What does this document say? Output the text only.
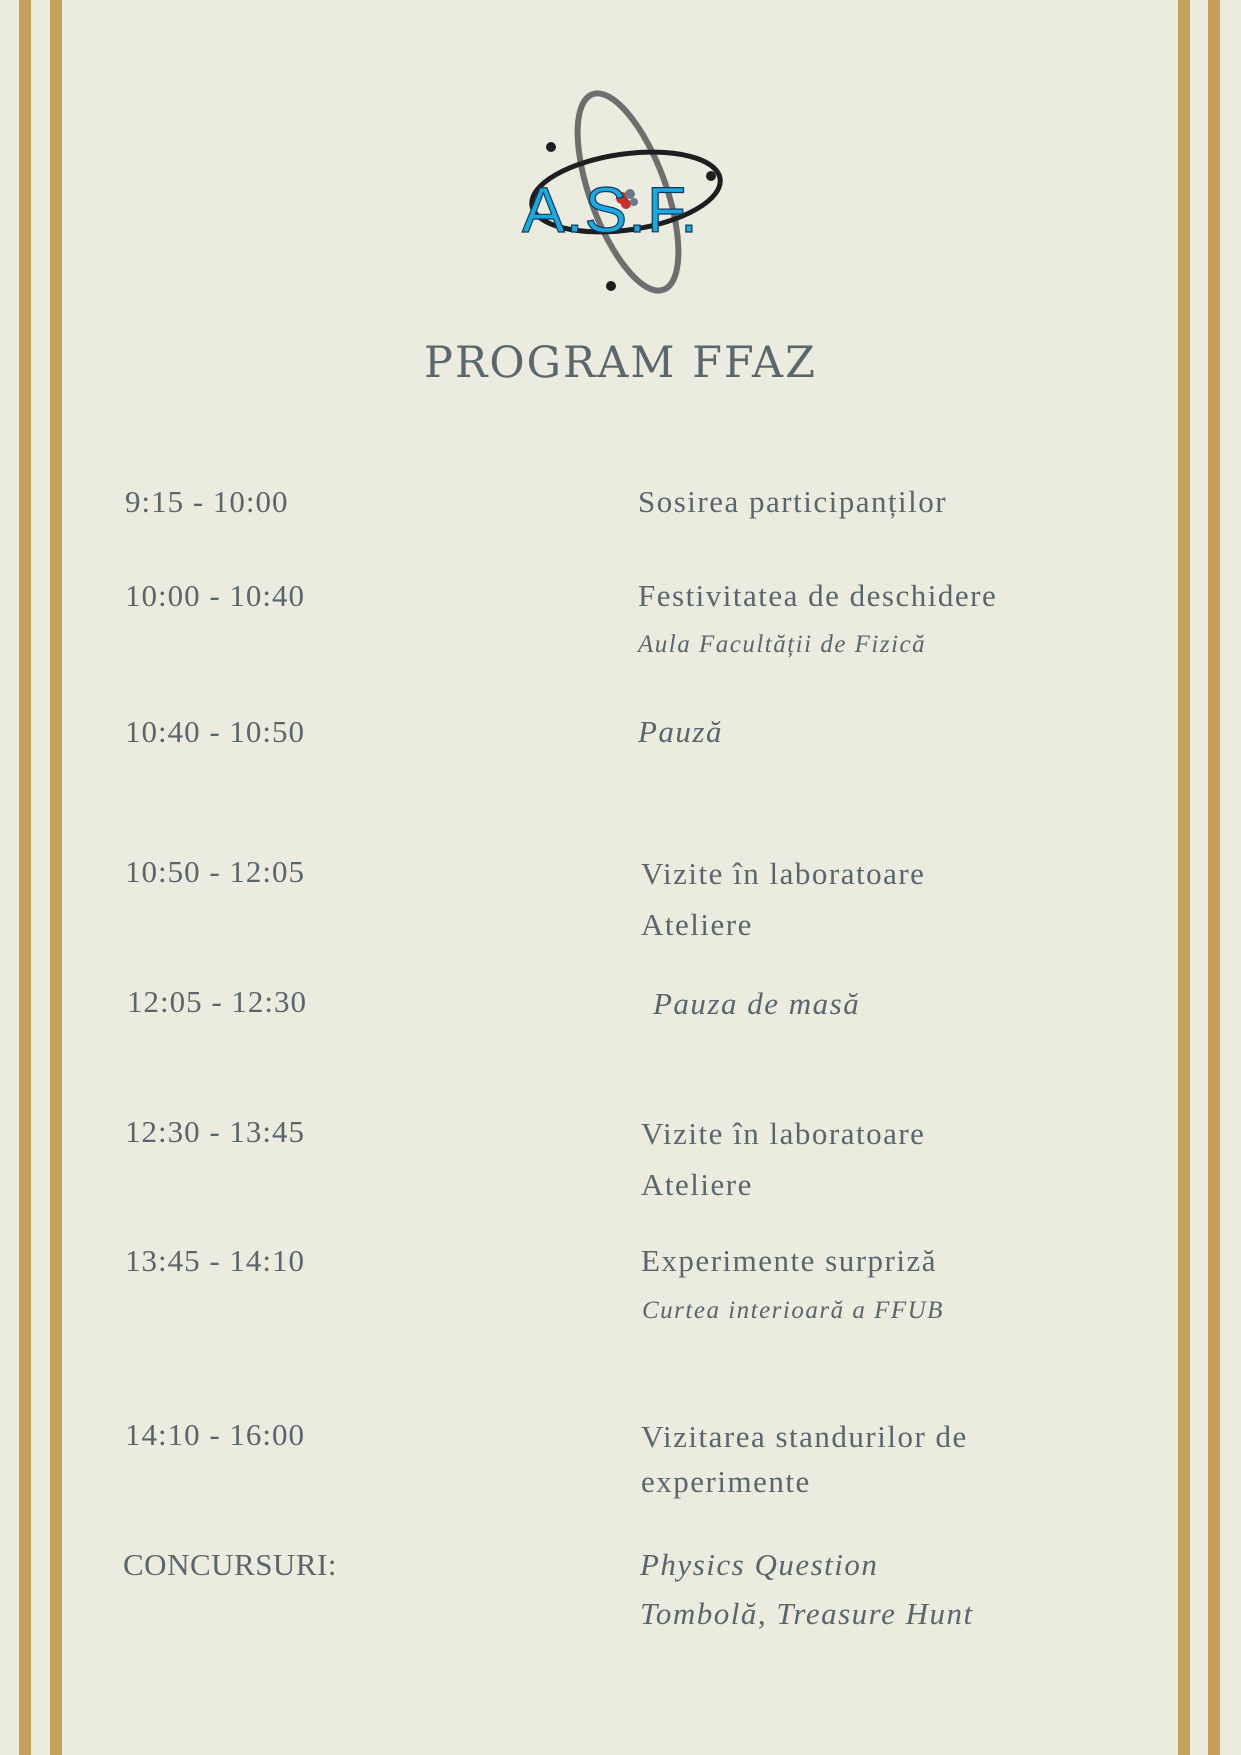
A.S.F.
PROGRAM FFAZ
9:15 - 10:00	Sosirea participanților
10:00 - 10:40	Festivitatea de deschidere
Aula Facultății de Fizică
10:40 - 10:50	Pauză
10:50 - 12:05	Vizite în laboratoare
Ateliere
12:05 - 12:30	Pauza de masă
12:30 - 13:45	Vizite în laboratoare
Ateliere
13:45 - 14:10	Experimente surpriză
Curtea interioară a FFUB
14:10 - 16:00	Vizitarea standurilor de
experimente
CONCURSURI:	Physics Question
Tombolă, Treasure Hunt
